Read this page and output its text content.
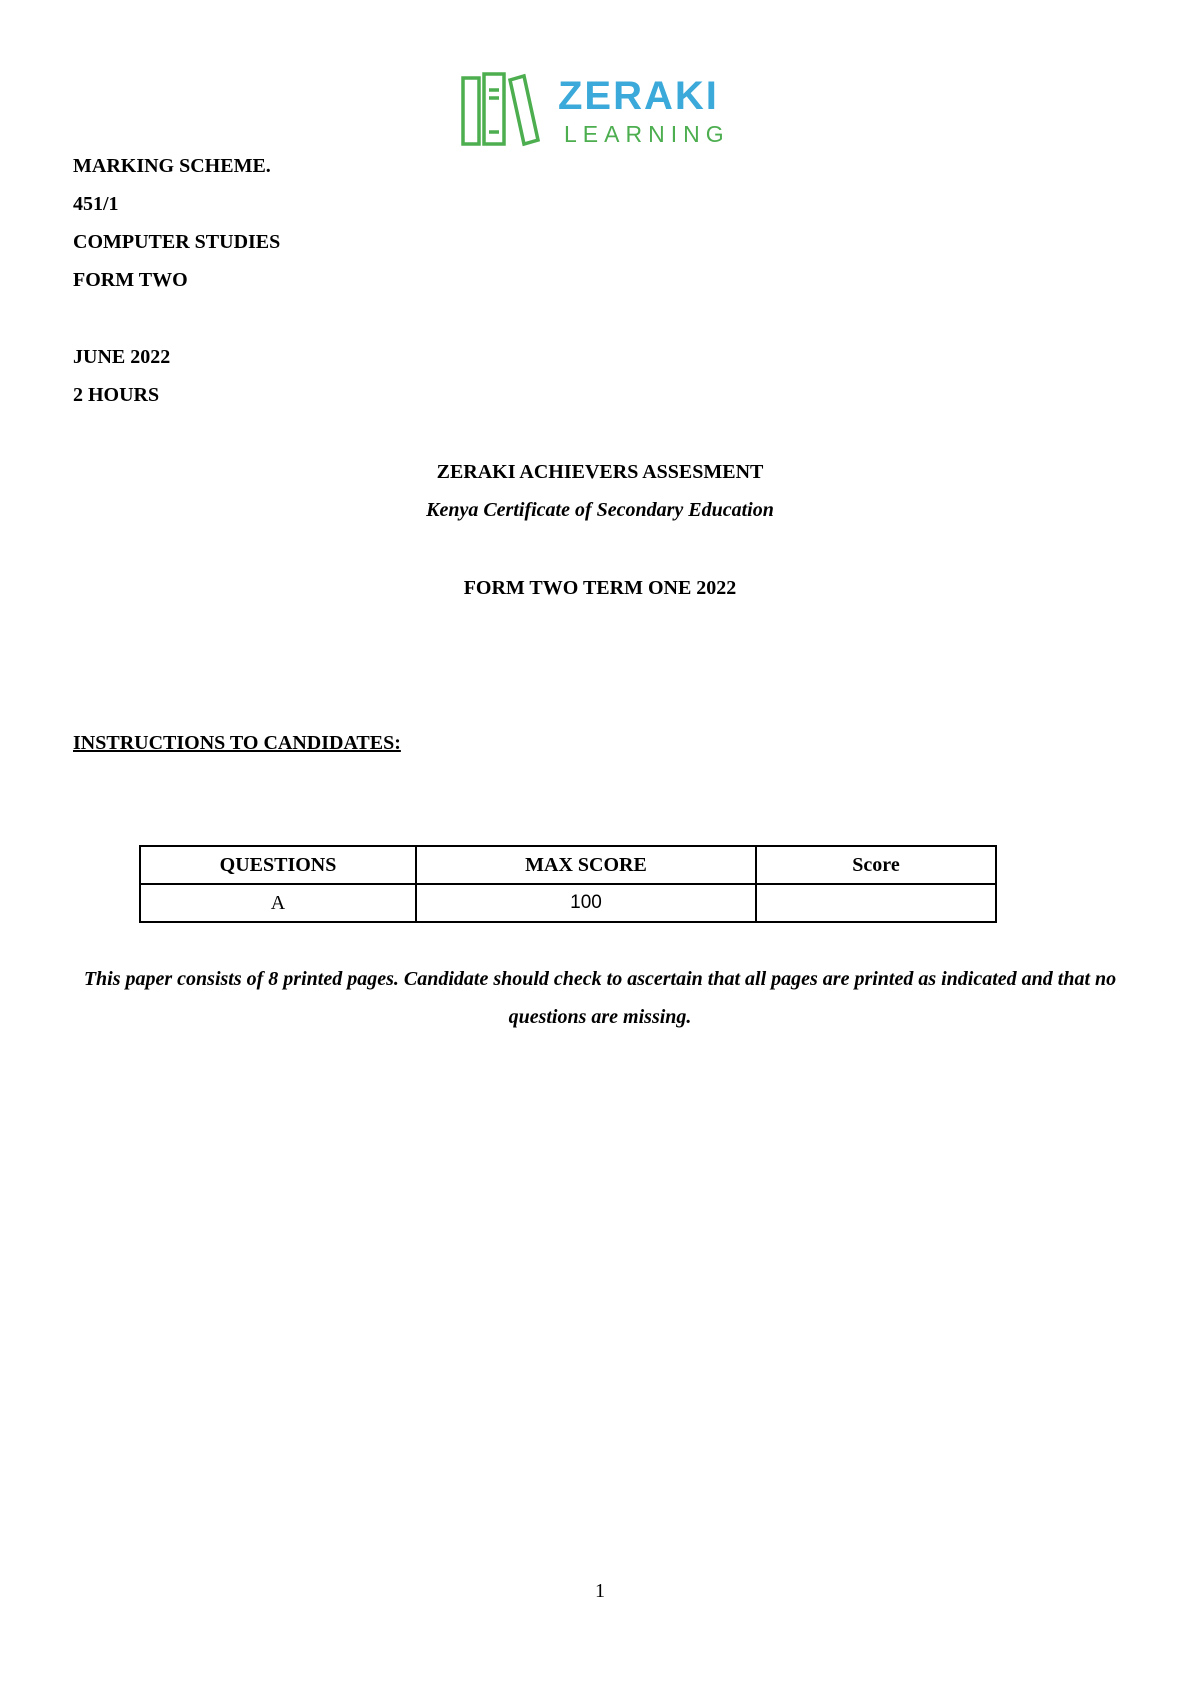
ZERAKI
LEARNING
MARKING SCHEME.
451/1
COMPUTER STUDIES
FORM TWO
JUNE 2022
2 HOURS
ZERAKI ACHIEVERS ASSESMENT
Kenya Certificate of Secondary Education
FORM TWO TERM ONE 2022
INSTRUCTIONS TO CANDIDATES:
QUESTIONS	MAX SCORE	Score
A	100	
This paper consists of 8 printed pages. Candidate should check to ascertain that all pages are printed as indicated and that no questions are missing.
1
